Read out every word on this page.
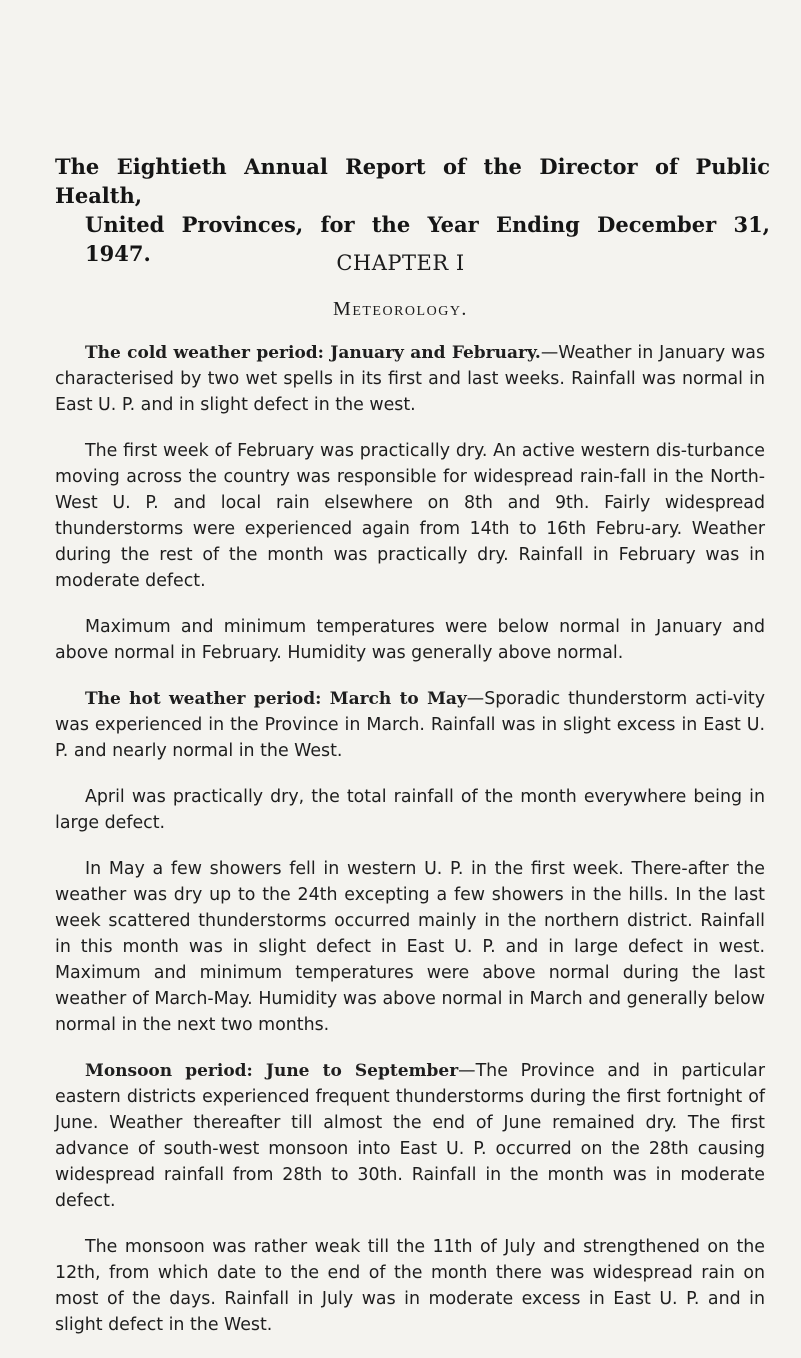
The Eightieth Annual Report of the Director of Public Health,
United Provinces, for the Year Ending December 31,
1947.	CHAPTER I
Meteorology.

The cold weather period: January and February.—Weather in January was characterised by two wet spells in its first and last weeks. Rainfall was normal in East U. P. and in slight defect in the west.

The first week of February was practically dry. An active western dis-turbance moving across the country was responsible for widespread rain-fall in the North-West U. P. and local rain elsewhere on 8th and 9th. Fairly widespread thunderstorms were experienced again from 14th to 16th Febru-ary. Weather during the rest of the month was practically dry. Rainfall in February was in moderate defect.

Maximum and minimum temperatures were below normal in January and above normal in February. Humidity was generally above normal.

The hot weather period: March to May—Sporadic thunderstorm acti-vity was experienced in the Province in March. Rainfall was in slight excess in East U. P. and nearly normal in the West.

April was practically dry, the total rainfall of the month everywhere being in large defect.

In May a few showers fell in western U. P. in the first week. There-after the weather was dry up to the 24th excepting a few showers in the hills. In the last week scattered thunderstorms occurred mainly in the northern district. Rainfall in this month was in slight defect in East U. P. and in large defect in west. Maximum and minimum temperatures were above normal during the last weather of March-May. Humidity was above normal in March and generally below normal in the next two months.

Monsoon period: June to September—The Province and in particular eastern districts experienced frequent thunderstorms during the first fortnight of June. Weather thereafter till almost the end of June remained dry. The first advance of south-west monsoon into East U. P. occurred on the 28th causing widespread rainfall from 28th to 30th. Rainfall in the month was in moderate defect.

The monsoon was rather weak till the 11th of July and strengthened on the 12th, from which date to the end of the month there was widespread rain on most of the days. Rainfall in July was in moderate excess in East U. P. and in slight defect in the West.
